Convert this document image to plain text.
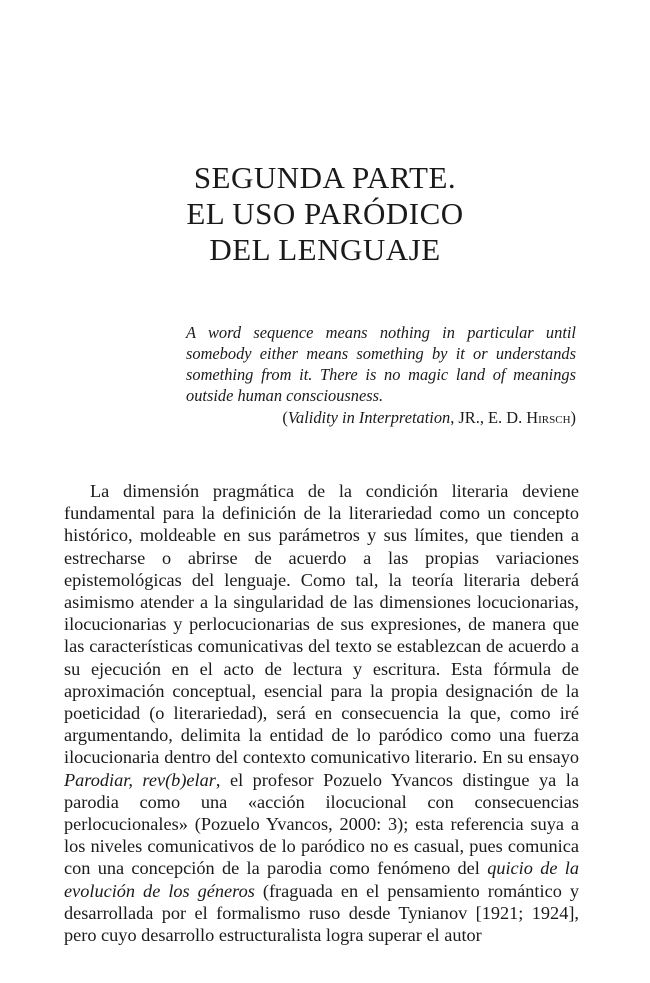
SEGUNDA PARTE.
EL USO PARÓDICO
DEL LENGUAJE

A word sequence means nothing in particular until somebody either means something by it or understands something from it. There is no magic land of meanings outside human consciousness.

(Validity in Interpretation, JR., E. D. Hirsch)

La dimensión pragmática de la condición literaria deviene fundamental para la definición de la literariedad como un concepto histórico, moldeable en sus parámetros y sus límites, que tienden a estrecharse o abrirse de acuerdo a las propias variaciones epistemológicas del lenguaje. Como tal, la teoría literaria deberá asimismo atender a la singularidad de las dimensiones locucionarias, ilocucionarias y perlocucionarias de sus expresiones, de manera que las características comunicativas del texto se establezcan de acuerdo a su ejecución en el acto de lectura y escritura. Esta fórmula de aproximación conceptual, esencial para la propia designación de la poeticidad (o literariedad), será en consecuencia la que, como iré argumentando, delimita la entidad de lo paródico como una fuerza ilocucionaria dentro del contexto comunicativo literario. En su ensayo Parodiar, rev(b)elar, el profesor Pozuelo Yvancos distingue ya la parodia como una «acción ilocucional con consecuencias perlocucionales» (Pozuelo Yvancos, 2000: 3); esta referencia suya a los niveles comunicativos de lo paródico no es casual, pues comunica con una concepción de la parodia como fenómeno del quicio de la evolución de los géneros (fraguada en el pensamiento romántico y desarrollada por el formalismo ruso desde Tynianov [1921; 1924], pero cuyo desarrollo estructuralista logra superar el autor
